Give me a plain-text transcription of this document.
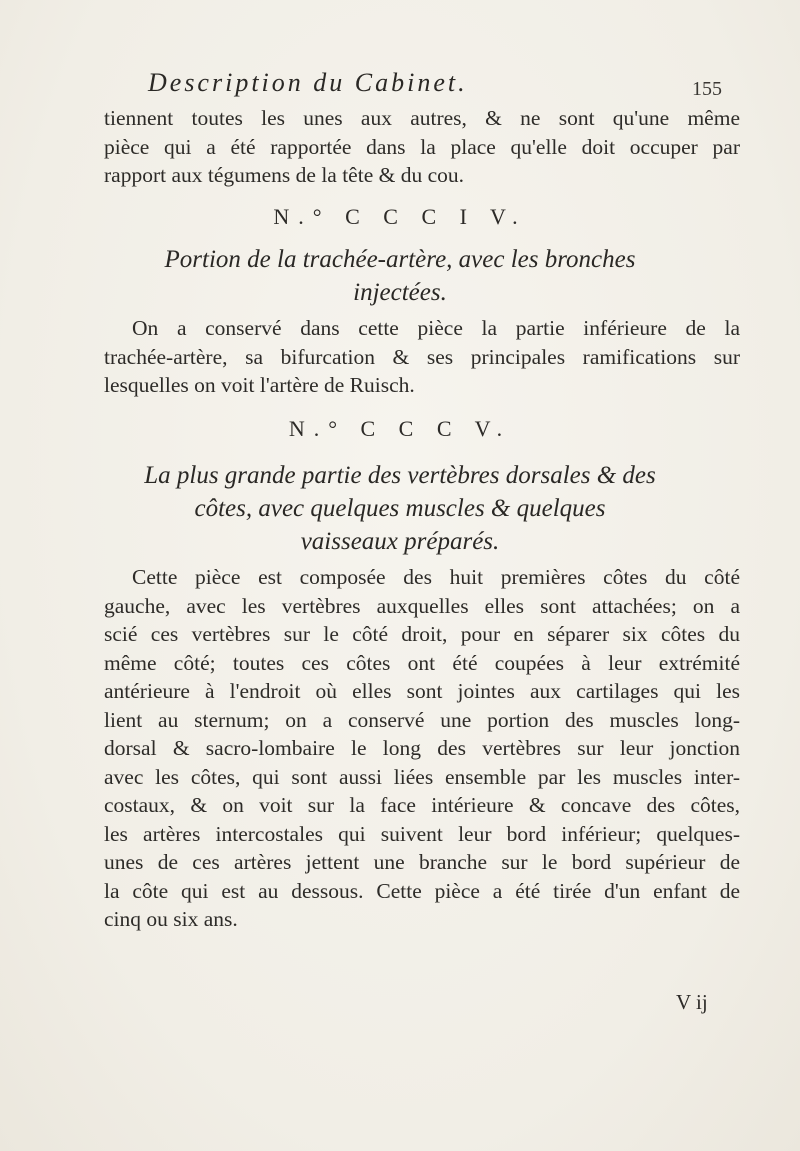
Description du Cabinet.	155
tiennent toutes les unes aux autres, & ne sont qu'une même
pièce qui a été rapportée dans la place qu'elle doit occuper par
rapport aux tégumens de la tête & du cou.
N.° C C C I V.
Portion de la trachée-artère, avec les bronches
injectées.
On a conservé dans cette pièce la partie inférieure de la
trachée-artère, sa bifurcation & ses principales ramifications sur
lesquelles on voit l'artère de Ruisch.
N.° C C C V.
La plus grande partie des vertèbres dorsales & des
côtes, avec quelques muscles & quelques
vaisseaux préparés.
Cette pièce est composée des huit premières côtes du côté
gauche, avec les vertèbres auxquelles elles sont attachées; on a
scié ces vertèbres sur le côté droit, pour en séparer six côtes du
même côté; toutes ces côtes ont été coupées à leur extrémité
antérieure à l'endroit où elles sont jointes aux cartilages qui les
lient au sternum; on a conservé une portion des muscles long-
dorsal & sacro-lombaire le long des vertèbres sur leur jonction
avec les côtes, qui sont aussi liées ensemble par les muscles inter-
costaux, & on voit sur la face intérieure & concave des côtes,
les artères intercostales qui suivent leur bord inférieur; quelques-
unes de ces artères jettent une branche sur le bord supérieur de
la côte qui est au dessous. Cette pièce a été tirée d'un enfant de
cinq ou six ans.
V ij
